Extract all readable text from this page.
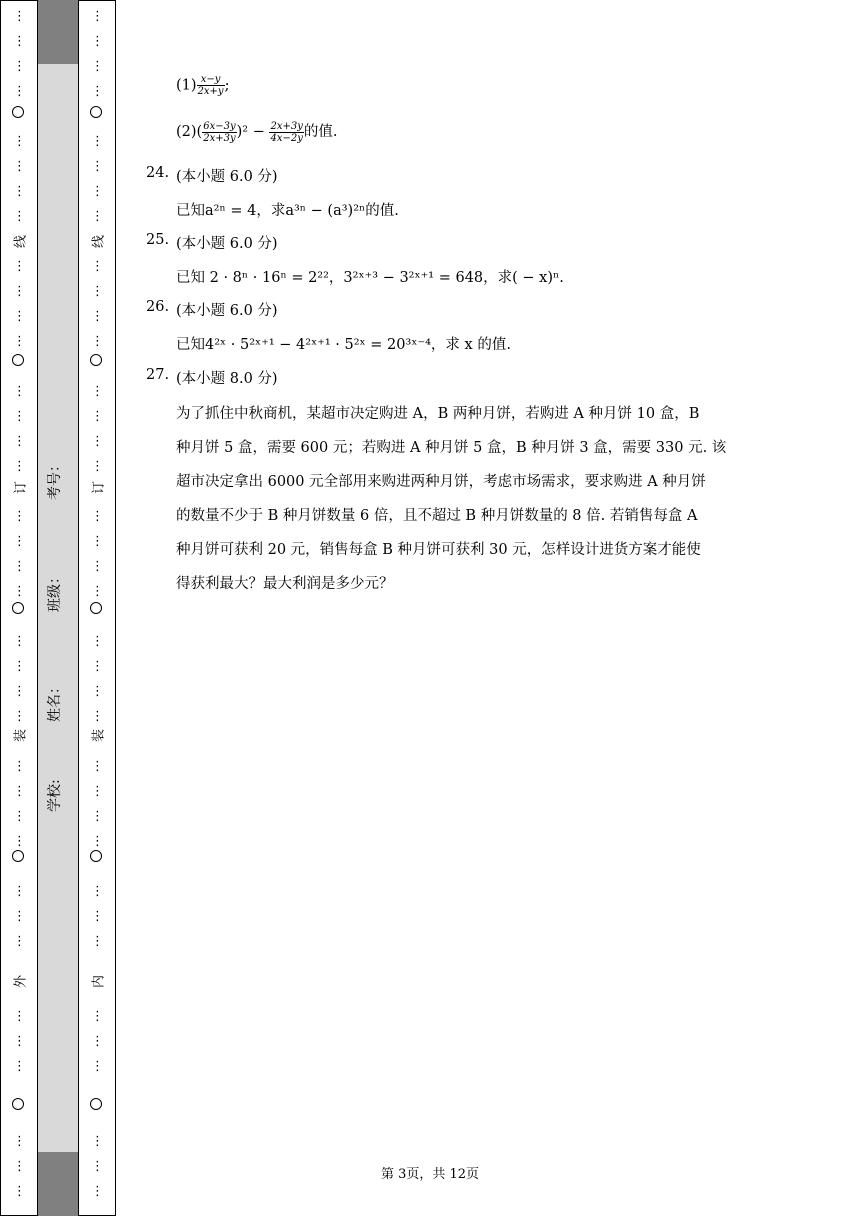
⋮
⋮
⋮
⋮
⋮
⋮
⋮
⋮
⋮
⋮
⋮
⋮
⋮
⋮
⋮
⋮
⋮
⋮
⋮
⋮
⋮
⋮
⋮
⋮
⋮
⋮
⋮
⋮
⋮
⋮
⋮
⋮
⋮
⋮
⋮
⋮
⋮
线
订
装
外
⋮
⋮
⋮
⋮
⋮
⋮
⋮
⋮
⋮
⋮
⋮
⋮
⋮
⋮
⋮
⋮
⋮
⋮
⋮
⋮
⋮
⋮
⋮
⋮
⋮
⋮
⋮
⋮
⋮
⋮
⋮
⋮
⋮
⋮
⋮
⋮
⋮
线
订
装
内
学校:
姓名：
班级：
考号：
$(1) \frac{x-y}{2x+y}$ ;
$(2)( \frac{6x-3y}{2x+3y} )^2 - \frac{2x+3y}{4x-2y}$ 的值.
24. (本小题 6.0 分)
已知a²ⁿ = 4，求a³ⁿ − (a³)²ⁿ的值.
25. (本小题 6.0 分)
已知 2 · 8ⁿ · 16ⁿ = 2²²，3²ˣ⁺³ − 3²ˣ⁺¹ = 648，求( − x)ⁿ.
26. (本小题 6.0 分)
已知4²ˣ · 5²ˣ⁺¹ − 4²ˣ⁺¹ · 5²ˣ = 20³ˣ⁻⁴，求 x 的值.
27. (本小题 8.0 分)
为了抓住中秋商机，某超市决定购进 A，B 两种月饼，若购进 A 种月饼 10 盒，B
种月饼 5 盒，需要 600 元；若购进 A 种月饼 5 盒，B 种月饼 3 盒，需要 330 元. 该
超市决定拿出 6000 元全部用来购进两种月饼，考虑市场需求，要求购进 A 种月饼
的数量不少于 B 种月饼数量 6 倍，且不超过 B 种月饼数量的 8 倍. 若销售每盒 A
种月饼可获利 20 元，销售每盒 B 种月饼可获利 30 元，怎样设计进货方案才能使
得获利最大？最大利润是多少元？
第 3页，共 12页
